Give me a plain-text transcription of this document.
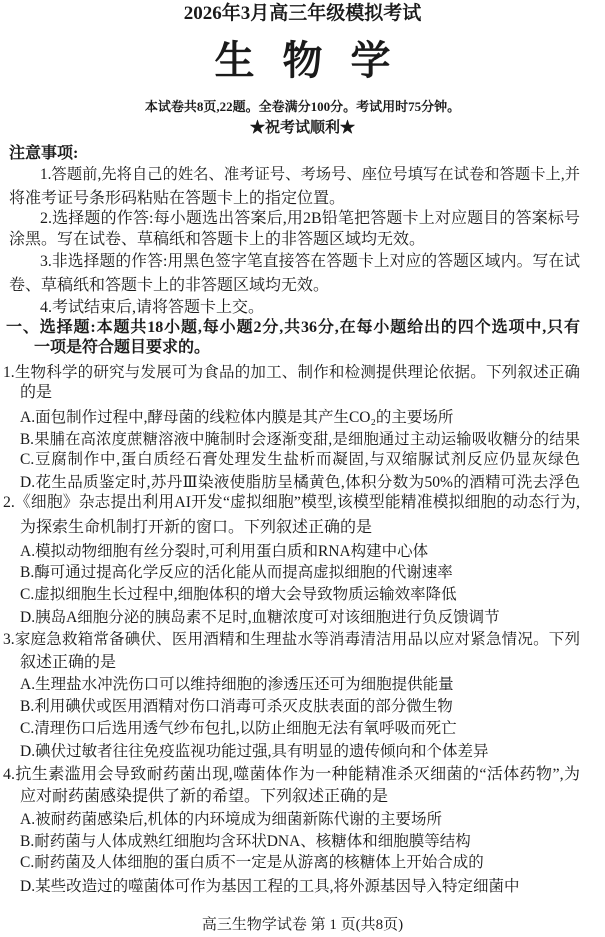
2026年3月高三年级模拟考试
生物学
本试卷共8页,22题。全卷满分100分。考试用时75分钟。
★祝考试顺利★
注意事项:
1.答题前,先将自己的姓名、准考证号、考场号、座位号填写在试卷和答题卡上,并
将准考证号条形码粘贴在答题卡上的指定位置。
2.选择题的作答:每小题选出答案后,用2B铅笔把答题卡上对应题目的答案标号
涂黑。写在试卷、草稿纸和答题卡上的非答题区域均无效。
3.非选择题的作答:用黑色签字笔直接答在答题卡上对应的答题区域内。写在试
卷、草稿纸和答题卡上的非答题区域均无效。
4.考试结束后,请将答题卡上交。
一、选择题:本题共18小题,每小题2分,共36分,在每小题给出的四个选项中,只有
一项是符合题目要求的。
1.生物科学的研究与发展可为食品的加工、制作和检测提供理论依据。下列叙述正确
的是
A.面包制作过程中,酵母菌的线粒体内膜是其产生CO₂的主要场所
B.果脯在高浓度蔗糖溶液中腌制时会逐渐变甜,是细胞通过主动运输吸收糖分的结果
C.豆腐制作中,蛋白质经石膏处理发生盐析而凝固,与双缩脲试剂反应仍显灰绿色
D.花生品质鉴定时,苏丹Ⅲ染液使脂肪呈橘黄色,体积分数为50%的酒精可洗去浮色
2.《细胞》杂志提出利用AI开发“虚拟细胞”模型,该模型能精准模拟细胞的动态行为,
为探索生命机制打开新的窗口。下列叙述正确的是
A.模拟动物细胞有丝分裂时,可利用蛋白质和RNA构建中心体
B.酶可通过提高化学反应的活化能从而提高虚拟细胞的代谢速率
C.虚拟细胞生长过程中,细胞体积的增大会导致物质运输效率降低
D.胰岛A细胞分泌的胰岛素不足时,血糖浓度可对该细胞进行负反馈调节
3.家庭急救箱常备碘伏、医用酒精和生理盐水等消毒清洁用品以应对紧急情况。下列
叙述正确的是
A.生理盐水冲洗伤口可以维持细胞的渗透压还可为细胞提供能量
B.利用碘伏或医用酒精对伤口消毒可杀灭皮肤表面的部分微生物
C.清理伤口后选用透气纱布包扎,以防止细胞无法有氧呼吸而死亡
D.碘伏过敏者往往免疫监视功能过强,具有明显的遗传倾向和个体差异
4.抗生素滥用会导致耐药菌出现,噬菌体作为一种能精准杀灭细菌的“活体药物”,为
应对耐药菌感染提供了新的希望。下列叙述正确的是
A.被耐药菌感染后,机体的内环境成为细菌新陈代谢的主要场所
B.耐药菌与人体成熟红细胞均含环状DNA、核糖体和细胞膜等结构
C.耐药菌及人体细胞的蛋白质不一定是从游离的核糖体上开始合成的
D.某些改造过的噬菌体可作为基因工程的工具,将外源基因导入特定细菌中
高三生物学试卷 第 1 页(共8页)
